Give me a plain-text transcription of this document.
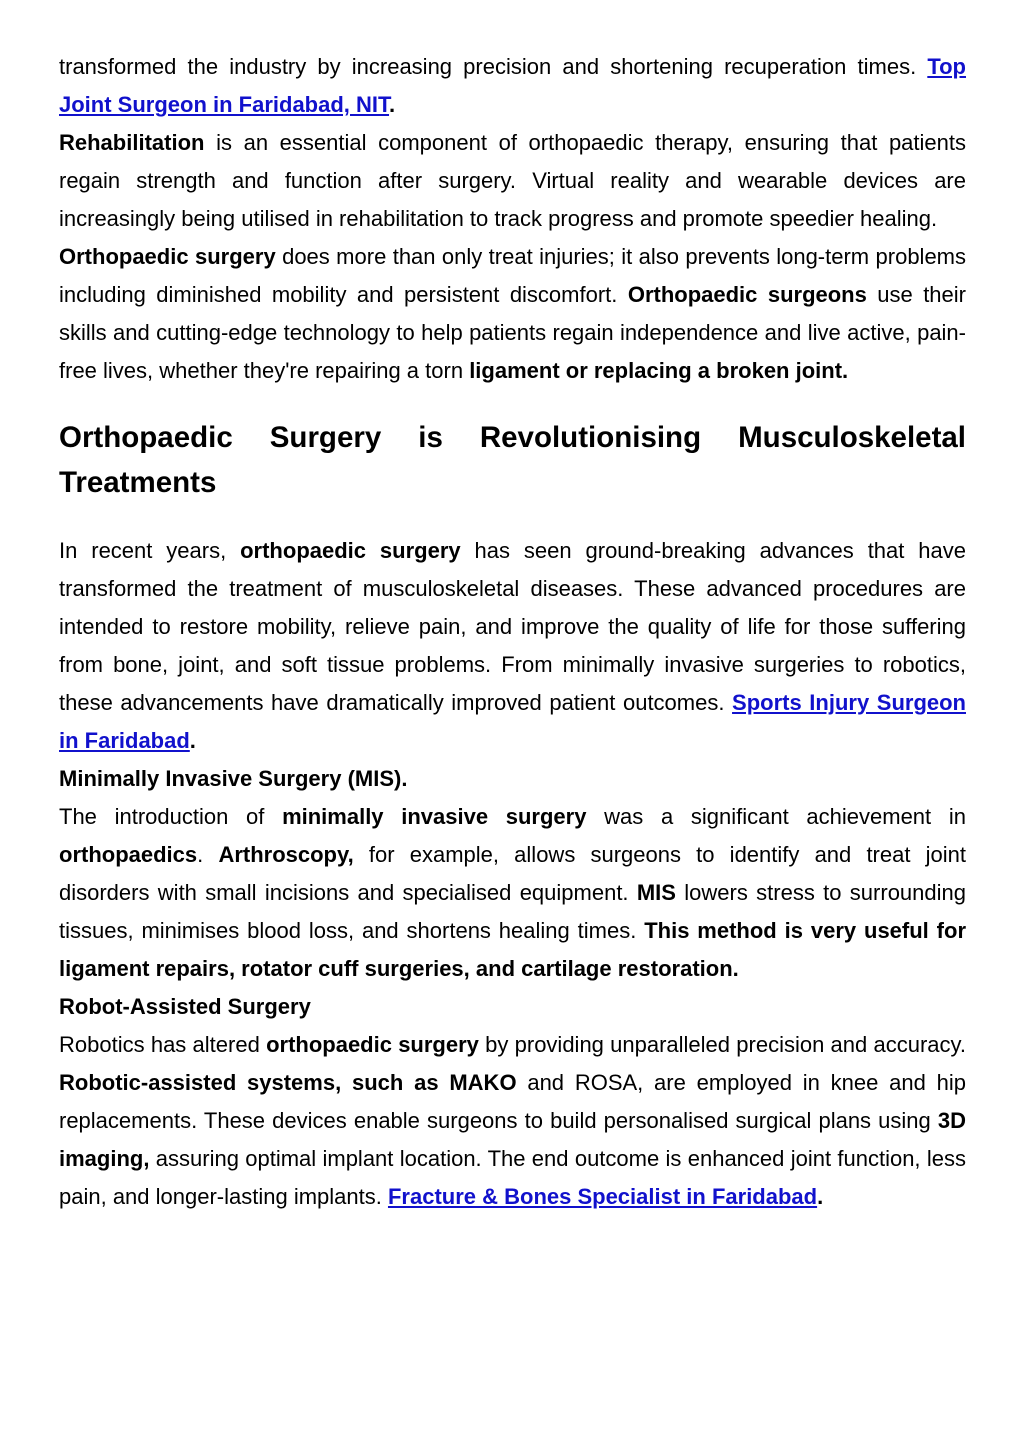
transformed the industry by increasing precision and shortening recuperation times. Top Joint Surgeon in Faridabad, NIT.

Rehabilitation is an essential component of orthopaedic therapy, ensuring that patients regain strength and function after surgery. Virtual reality and wearable devices are increasingly being utilised in rehabilitation to track progress and promote speedier healing.

Orthopaedic surgery does more than only treat injuries; it also prevents long-term problems including diminished mobility and persistent discomfort. Orthopaedic surgeons use their skills and cutting-edge technology to help patients regain independence and live active, pain-free lives, whether they're repairing a torn ligament or replacing a broken joint.

Orthopaedic Surgery is Revolutionising Musculoskeletal Treatments

In recent years, orthopaedic surgery has seen ground-breaking advances that have transformed the treatment of musculoskeletal diseases. These advanced procedures are intended to restore mobility, relieve pain, and improve the quality of life for those suffering from bone, joint, and soft tissue problems. From minimally invasive surgeries to robotics, these advancements have dramatically improved patient outcomes. Sports Injury Surgeon in Faridabad.

Minimally Invasive Surgery (MIS).

The introduction of minimally invasive surgery was a significant achievement in orthopaedics. Arthroscopy, for example, allows surgeons to identify and treat joint disorders with small incisions and specialised equipment. MIS lowers stress to surrounding tissues, minimises blood loss, and shortens healing times. This method is very useful for ligament repairs, rotator cuff surgeries, and cartilage restoration.

Robot-Assisted Surgery

Robotics has altered orthopaedic surgery by providing unparalleled precision and accuracy. Robotic-assisted systems, such as MAKO and ROSA, are employed in knee and hip replacements. These devices enable surgeons to build personalised surgical plans using 3D imaging, assuring optimal implant location. The end outcome is enhanced joint function, less pain, and longer-lasting implants. Fracture & Bones Specialist in Faridabad.
